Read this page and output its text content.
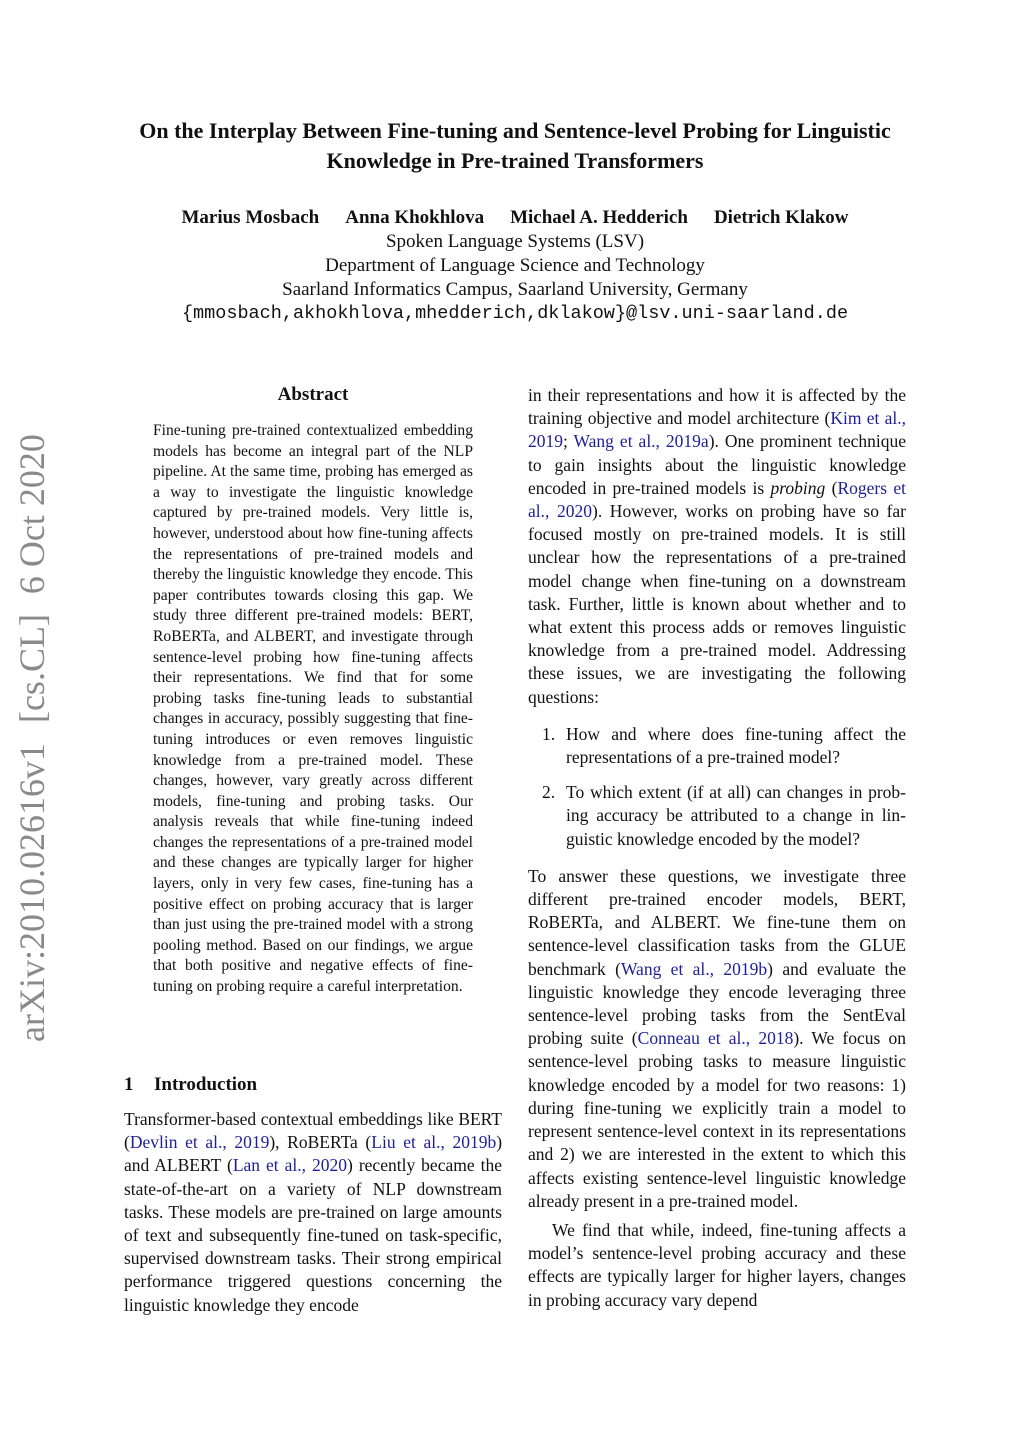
arXiv:2010.02616v1[cs.CL]6 Oct 2020
On the Interplay Between Fine-tuning and Sentence-level Probing for Linguistic Knowledge in Pre-trained Transformers
Marius Mosbach Anna Khokhlova Michael A. Hedderich Dietrich Klakow
Spoken Language Systems (LSV)
Department of Language Science and Technology
Saarland Informatics Campus, Saarland University, Germany
{mmosbach,akhokhlova,mhedderich,dklakow}@lsv.uni-saarland.de
Abstract

Fine-tuning pre-trained contextualized embedding models has become an integral part of the NLP pipeline. At the same time, probing has emerged as a way to investigate the linguistic knowledge captured by pre-trained models. Very little is, however, understood about how fine-tuning affects the representations of pre-trained models and thereby the linguistic knowledge they encode. This paper contributes towards closing this gap. We study three different pre-trained models: BERT, RoBERTa, and ALBERT, and investigate through sentence-level probing how fine-tuning affects their representations. We find that for some probing tasks fine-tuning leads to substantial changes in accuracy, possibly suggesting that fine-tuning introduces or even removes linguistic knowledge from a pre-trained model. These changes, however, vary greatly across different models, fine-tuning and probing tasks. Our analysis reveals that while fine-tuning indeed changes the representations of a pre-trained model and these changes are typically larger for higher layers, only in very few cases, fine-tuning has a positive effect on probing accuracy that is larger than just using the pre-trained model with a strong pooling method. Based on our findings, we argue that both positive and negative effects of fine-tuning on probing require a careful interpretation.

1 Introduction

Transformer-based contextual embeddings like BERT (Devlin et al., 2019), RoBERTa (Liu et al., 2019b) and ALBERT (Lan et al., 2020) recently became the state-of-the-art on a variety of NLP downstream tasks. These models are pre-trained on large amounts of text and subsequently fine-tuned on task-specific, supervised downstream tasks. Their strong empirical performance triggered questions concerning the linguistic knowledge they encode

in their representations and how it is affected by the training objective and model architecture (Kim et al., 2019; Wang et al., 2019a). One prominent technique to gain insights about the linguistic knowledge encoded in pre-trained models is probing (Rogers et al., 2020). However, works on probing have so far focused mostly on pre-trained models. It is still unclear how the representations of a pre-trained model change when fine-tuning on a downstream task. Further, little is known about whether and to what extent this process adds or removes linguistic knowledge from a pre-trained model. Addressing these issues, we are investigating the following questions:

1. How and where does fine-tuning affect the representations of a pre-trained model?
2. To which extent (if at all) can changes in probing accuracy be attributed to a change in linguistic knowledge encoded by the model?

To answer these questions, we investigate three different pre-trained encoder models, BERT, RoBERTa, and ALBERT. We fine-tune them on sentence-level classification tasks from the GLUE benchmark (Wang et al., 2019b) and evaluate the linguistic knowledge they encode leveraging three sentence-level probing tasks from the SentEval probing suite (Conneau et al., 2018). We focus on sentence-level probing tasks to measure linguistic knowledge encoded by a model for two reasons: 1) during fine-tuning we explicitly train a model to represent sentence-level context in its representations and 2) we are interested in the extent to which this affects existing sentence-level linguistic knowledge already present in a pre-trained model.

We find that while, indeed, fine-tuning affects a model’s sentence-level probing accuracy and these effects are typically larger for higher layers, changes in probing accuracy vary depend
